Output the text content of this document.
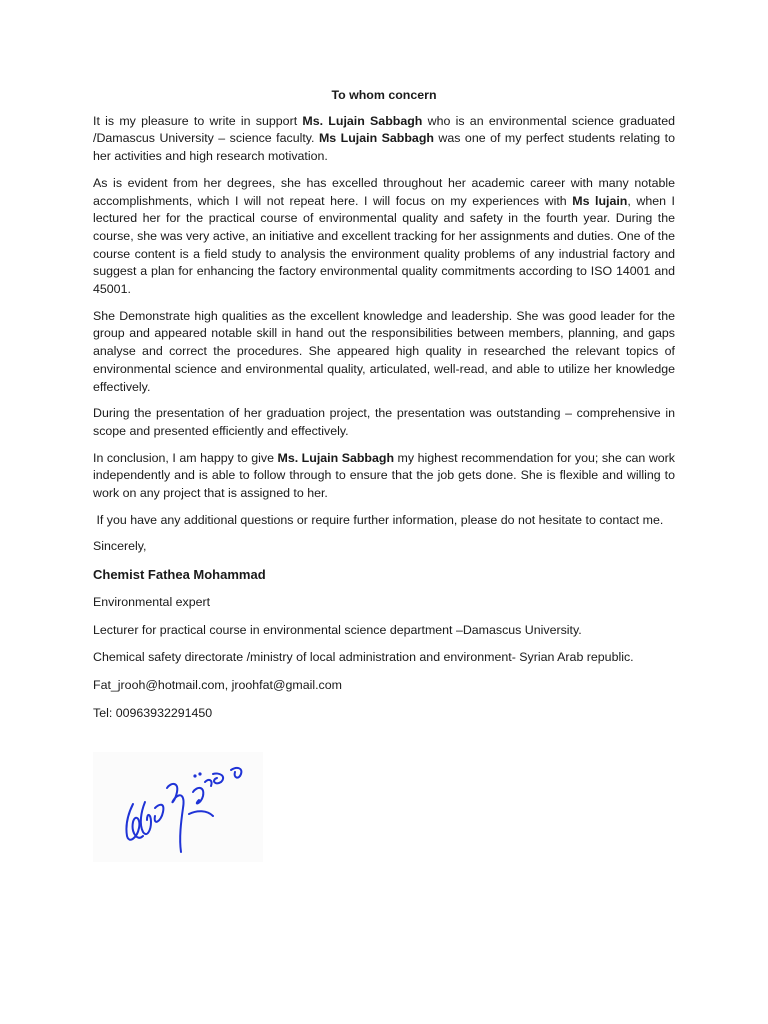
To whom concern

It is my pleasure to write in support Ms. Lujain Sabbagh who is an environmental science graduated /Damascus University – science faculty. Ms Lujain Sabbagh was one of my perfect students relating to her activities and high research motivation.

As is evident from her degrees, she has excelled throughout her academic career with many notable accomplishments, which I will not repeat here. I will focus on my experiences with Ms lujain, when I lectured her for the practical course of environmental quality and safety in the fourth year. During the course, she was very active, an initiative and excellent tracking for her assignments and duties. One of the course content is a field study to analysis the environment quality problems of any industrial factory and suggest a plan for enhancing the factory environmental quality commitments according to ISO 14001 and 45001.

She Demonstrate high qualities as the excellent knowledge and leadership. She was good leader for the group and appeared notable skill in hand out the responsibilities between members, planning, and gaps analyse and correct the procedures. She appeared high quality in researched the relevant topics of environmental science and environmental quality, articulated, well-read, and able to utilize her knowledge effectively.

During the presentation of her graduation project, the presentation was outstanding – comprehensive in scope and presented efficiently and effectively.

In conclusion, I am happy to give Ms. Lujain Sabbagh my highest recommendation for you; she can work independently and is able to follow through to ensure that the job gets done. She is flexible and willing to work on any project that is assigned to her.

If you have any additional questions or require further information, please do not hesitate to contact me.

Sincerely,

Chemist Fathea Mohammad

Environmental expert

Lecturer for practical course in environmental science department –Damascus University.

Chemical safety directorate /ministry of local administration and environment- Syrian Arab republic.

Fat_jrooh@hotmail.com, jroohfat@gmail.com

Tel: 00963932291450
